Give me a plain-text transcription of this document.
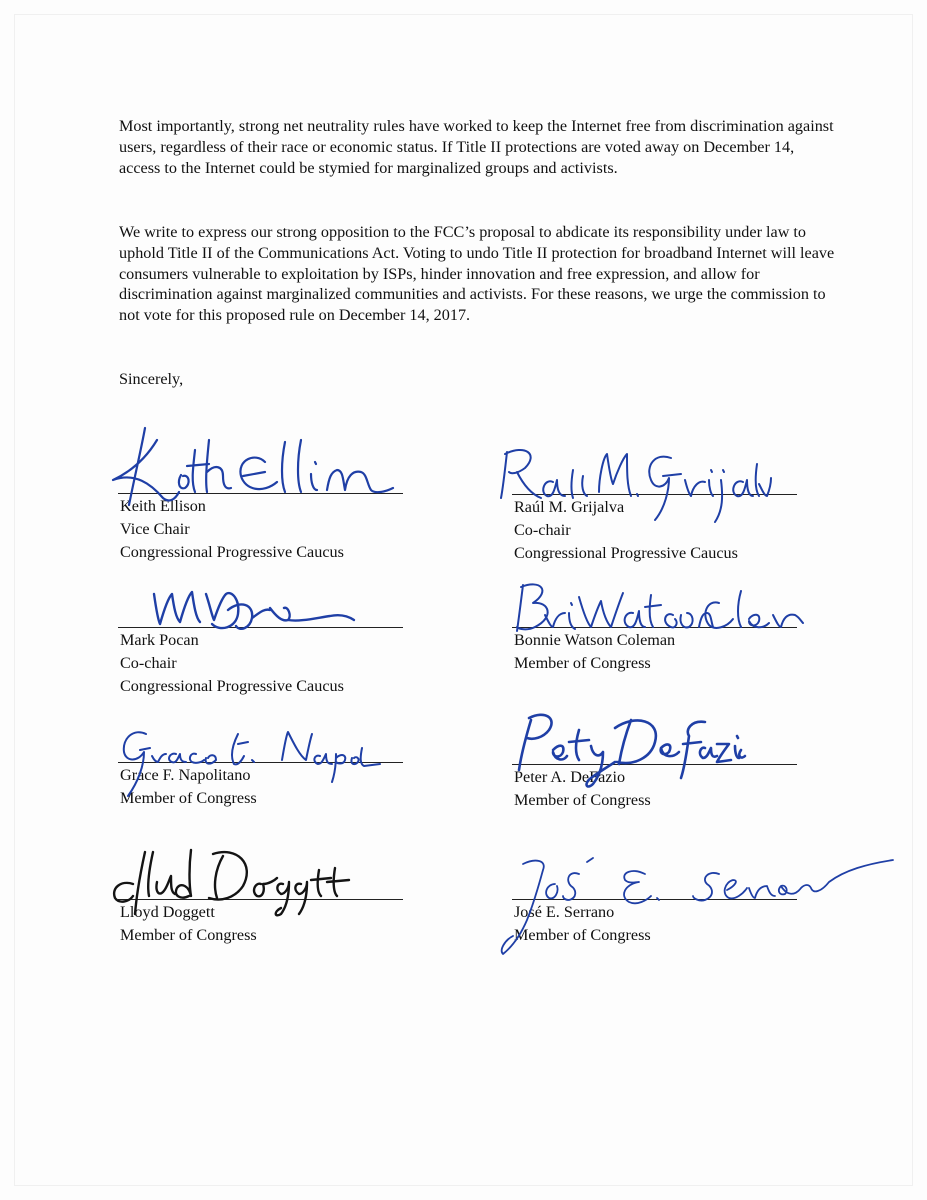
Most importantly, strong net neutrality rules have worked to keep the Internet free from discrimination against users, regardless of their race or economic status. If Title II protections are voted away on December 14, access to the Internet could be stymied for marginalized groups and activists.

We write to express our strong opposition to the FCC’s proposal to abdicate its responsibility under law to uphold Title II of the Communications Act. Voting to undo Title II protection for broadband Internet will leave consumers vulnerable to exploitation by ISPs, hinder innovation and free expression, and allow for discrimination against marginalized communities and activists. For these reasons, we urge the commission to not vote for this proposed rule on December 14, 2017.

Sincerely,
Keith Ellison
Vice Chair
Congressional Progressive Caucus
Raúl M. Grijalva
Co-chair
Congressional Progressive Caucus
Mark Pocan
Co-chair
Congressional Progressive Caucus
Bonnie Watson Coleman
Member of Congress
Grace F. Napolitano
Member of Congress
Peter A. DeFazio
Member of Congress
Lloyd Doggett
Member of Congress
José E. Serrano
Member of Congress
